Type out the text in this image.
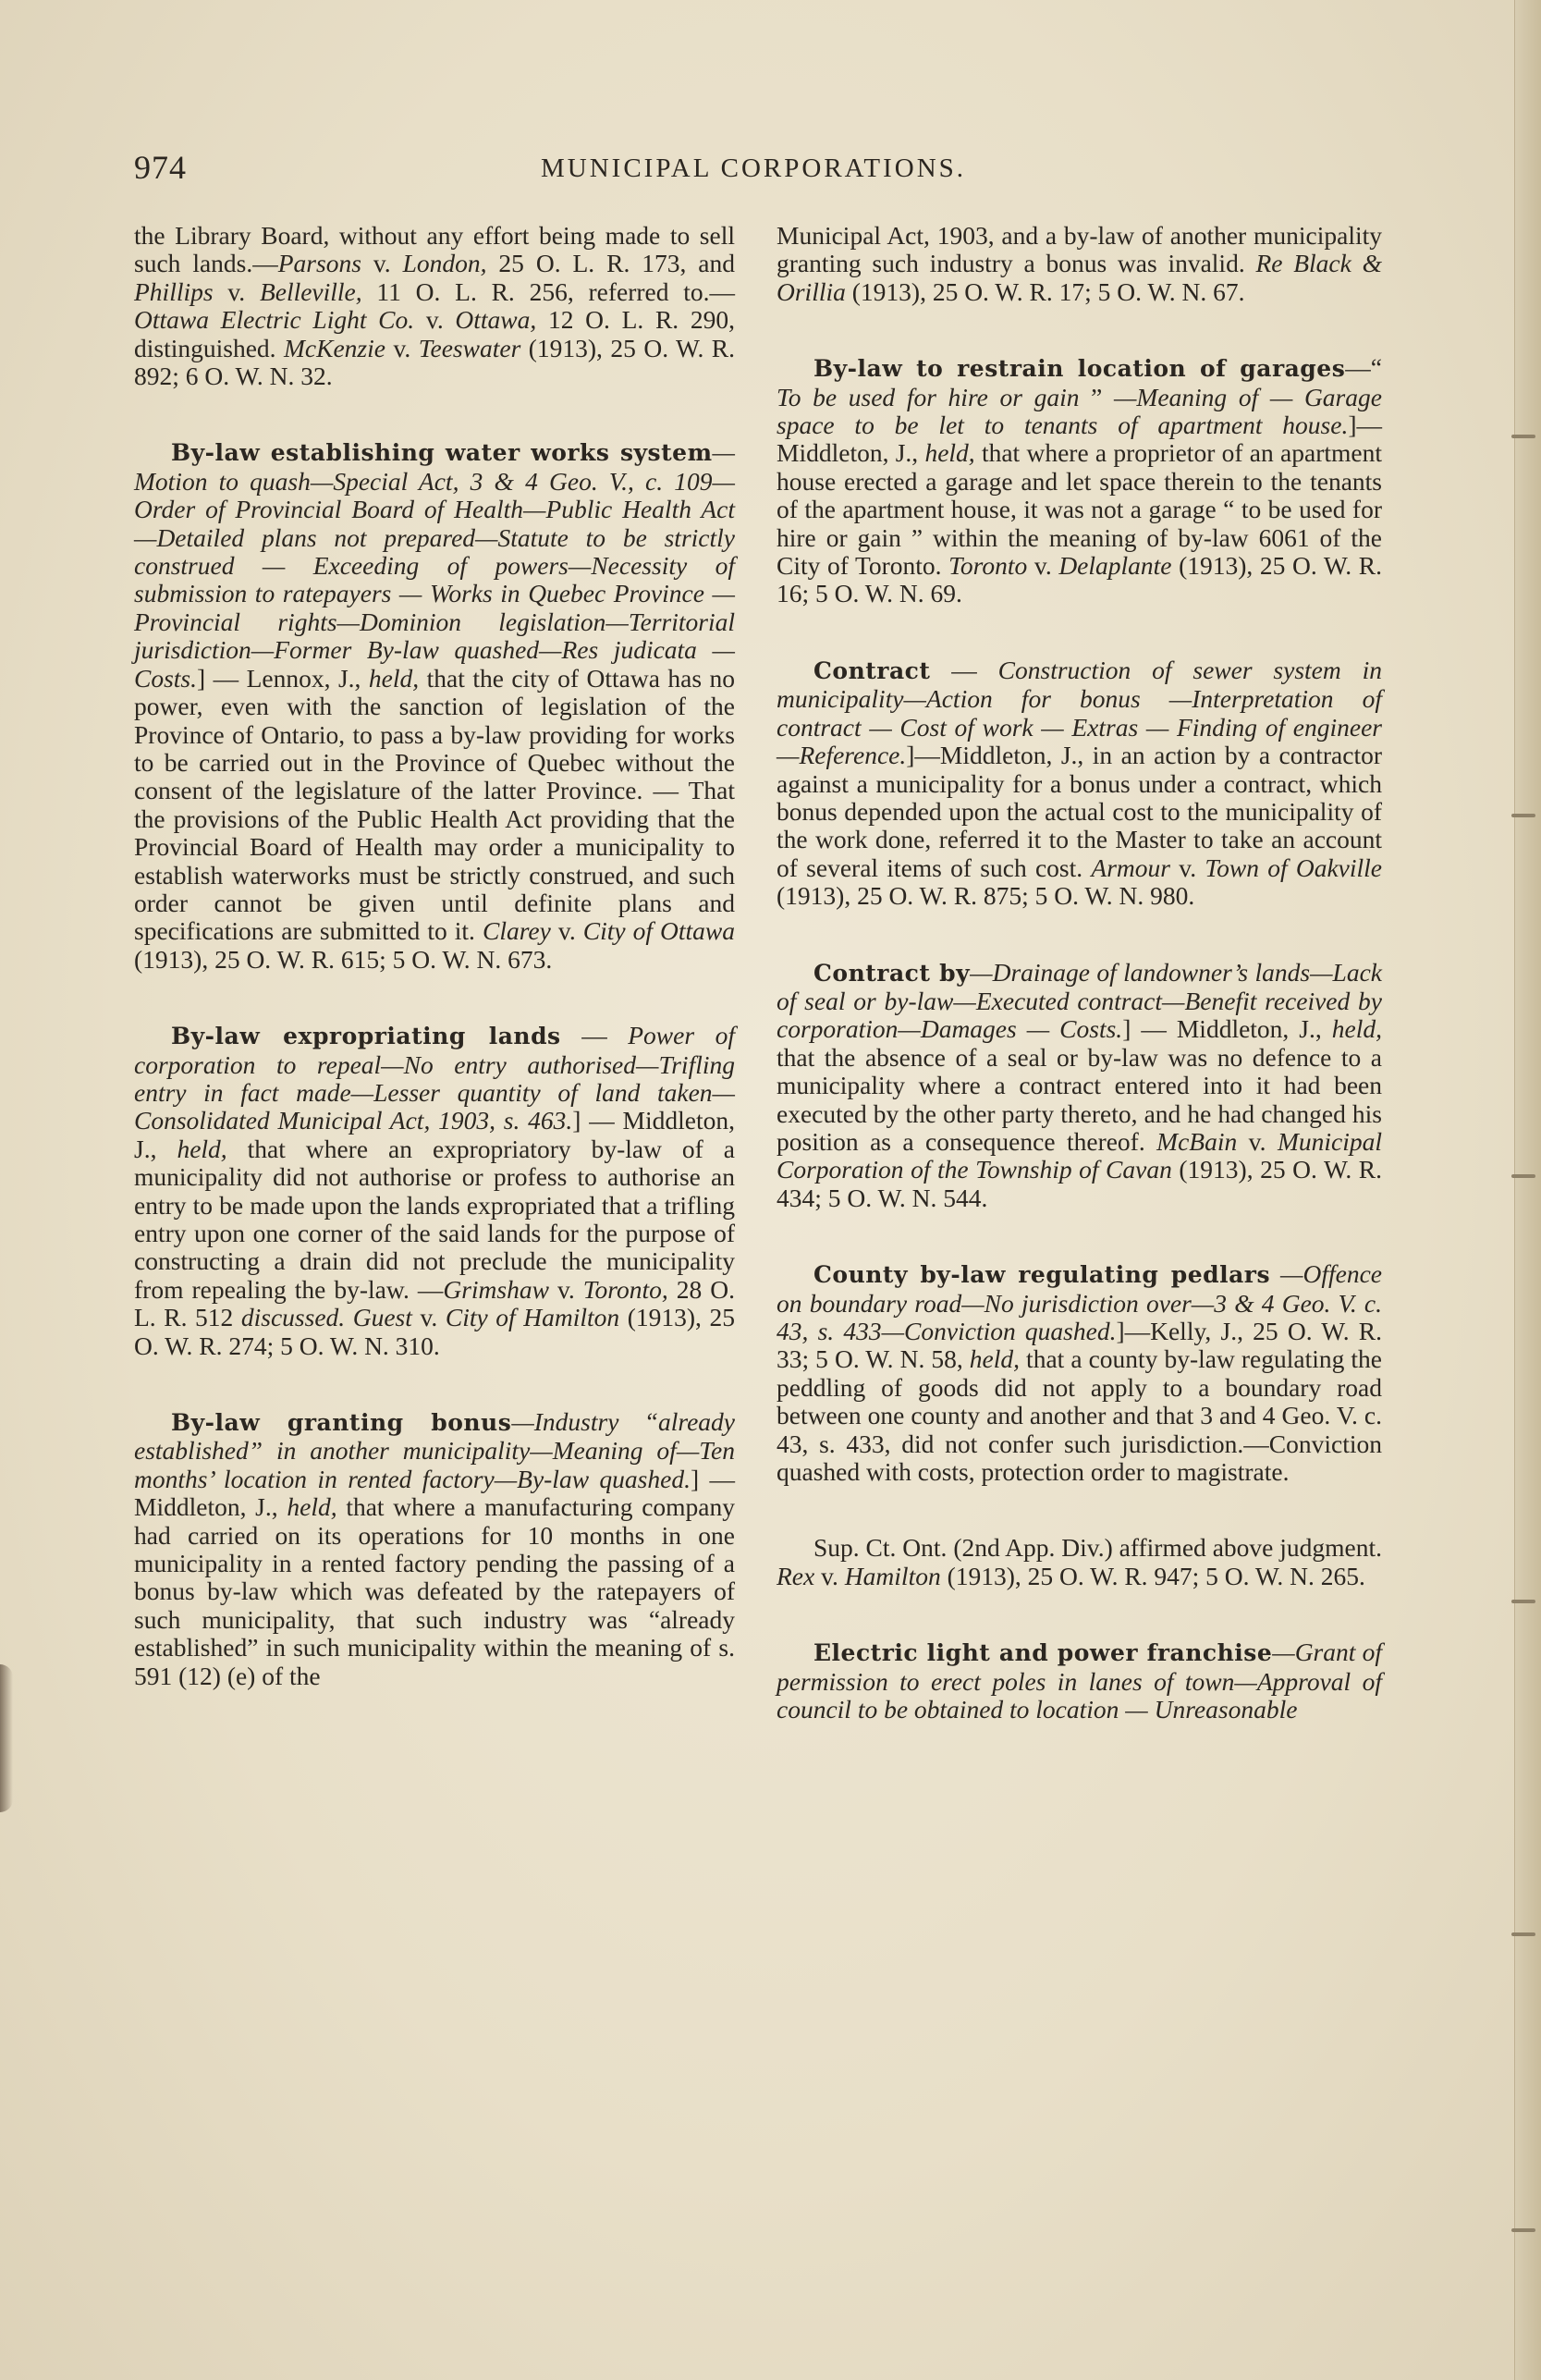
974	MUNICIPAL CORPORATIONS.

the Library Board, without any effort being made to sell such lands.—Parsons v. London, 25 O. L. R. 173, and Phillips v. Belleville, 11 O. L. R. 256, referred to.—Ottawa Electric Light Co. v. Ottawa, 12 O. L. R. 290, distinguished. McKenzie v. Teeswater (1913), 25 O. W. R. 892; 6 O. W. N. 32.

By-law establishing water works system—Motion to quash—Special Act, 3 & 4 Geo. V., c. 109—Order of Provincial Board of Health—Public Health Act —Detailed plans not prepared—Statute to be strictly construed — Exceeding of powers—Necessity of submission to ratepayers — Works in Quebec Province — Provincial rights—Dominion legislation—Territorial jurisdiction—Former By-law quashed—Res judicata — Costs.] — Lennox, J., held, that the city of Ottawa has no power, even with the sanction of legislation of the Province of Ontario, to pass a by-law providing for works to be carried out in the Province of Quebec without the consent of the legislature of the latter Province. — That the provisions of the Public Health Act providing that the Provincial Board of Health may order a municipality to establish waterworks must be strictly construed, and such order cannot be given until definite plans and specifications are submitted to it. Clarey v. City of Ottawa (1913), 25 O. W. R. 615; 5 O. W. N. 673.

By-law expropriating lands — Power of corporation to repeal—No entry authorised—Trifling entry in fact made—Lesser quantity of land taken—Consolidated Municipal Act, 1903, s. 463.] — Middleton, J., held, that where an expropriatory by-law of a municipality did not authorise or profess to authorise an entry to be made upon the lands expropriated that a trifling entry upon one corner of the said lands for the purpose of constructing a drain did not preclude the municipality from repealing the by-law. —Grimshaw v. Toronto, 28 O. L. R. 512 discussed. Guest v. City of Hamilton (1913), 25 O. W. R. 274; 5 O. W. N. 310.

By-law granting bonus—Industry “already established” in another municipality—Meaning of—Ten months’ location in rented factory—By-law quashed.] —Middleton, J., held, that where a manufacturing company had carried on its operations for 10 months in one municipality in a rented factory pending the passing of a bonus by-law which was defeated by the ratepayers of such municipality, that such industry was “already established” in such municipality within the meaning of s. 591 (12) (e) of the

Municipal Act, 1903, and a by-law of another municipality granting such industry a bonus was invalid. Re Black & Orillia (1913), 25 O. W. R. 17; 5 O. W. N. 67.

By-law to restrain location of garages—“ To be used for hire or gain ” —Meaning of — Garage space to be let to tenants of apartment house.]—Middleton, J., held, that where a proprietor of an apartment house erected a garage and let space therein to the tenants of the apartment house, it was not a garage “ to be used for hire or gain ” within the meaning of by-law 6061 of the City of Toronto. Toronto v. Delaplante (1913), 25 O. W. R. 16; 5 O. W. N. 69.

Contract — Construction of sewer system in municipality—Action for bonus —Interpretation of contract — Cost of work — Extras — Finding of engineer—Reference.]—Middleton, J., in an action by a contractor against a municipality for a bonus under a contract, which bonus depended upon the actual cost to the municipality of the work done, referred it to the Master to take an account of several items of such cost. Armour v. Town of Oakville (1913), 25 O. W. R. 875; 5 O. W. N. 980.

Contract by—Drainage of landowner’s lands—Lack of seal or by-law—Executed contract—Benefit received by corporation—Damages — Costs.] — Middleton, J., held, that the absence of a seal or by-law was no defence to a municipality where a contract entered into it had been executed by the other party thereto, and he had changed his position as a consequence thereof. McBain v. Municipal Corporation of the Township of Cavan (1913), 25 O. W. R. 434; 5 O. W. N. 544.

County by-law regulating pedlars —Offence on boundary road—No jurisdiction over—3 & 4 Geo. V. c. 43, s. 433—Conviction quashed.]—Kelly, J., 25 O. W. R. 33; 5 O. W. N. 58, held, that a county by-law regulating the peddling of goods did not apply to a boundary road between one county and another and that 3 and 4 Geo. V. c. 43, s. 433, did not confer such jurisdiction.—Conviction quashed with costs, protection order to magistrate.

Sup. Ct. Ont. (2nd App. Div.) affirmed above judgment. Rex v. Hamilton (1913), 25 O. W. R. 947; 5 O. W. N. 265.

Electric light and power franchise—Grant of permission to erect poles in lanes of town—Approval of council to be obtained to location — Unreasonable
